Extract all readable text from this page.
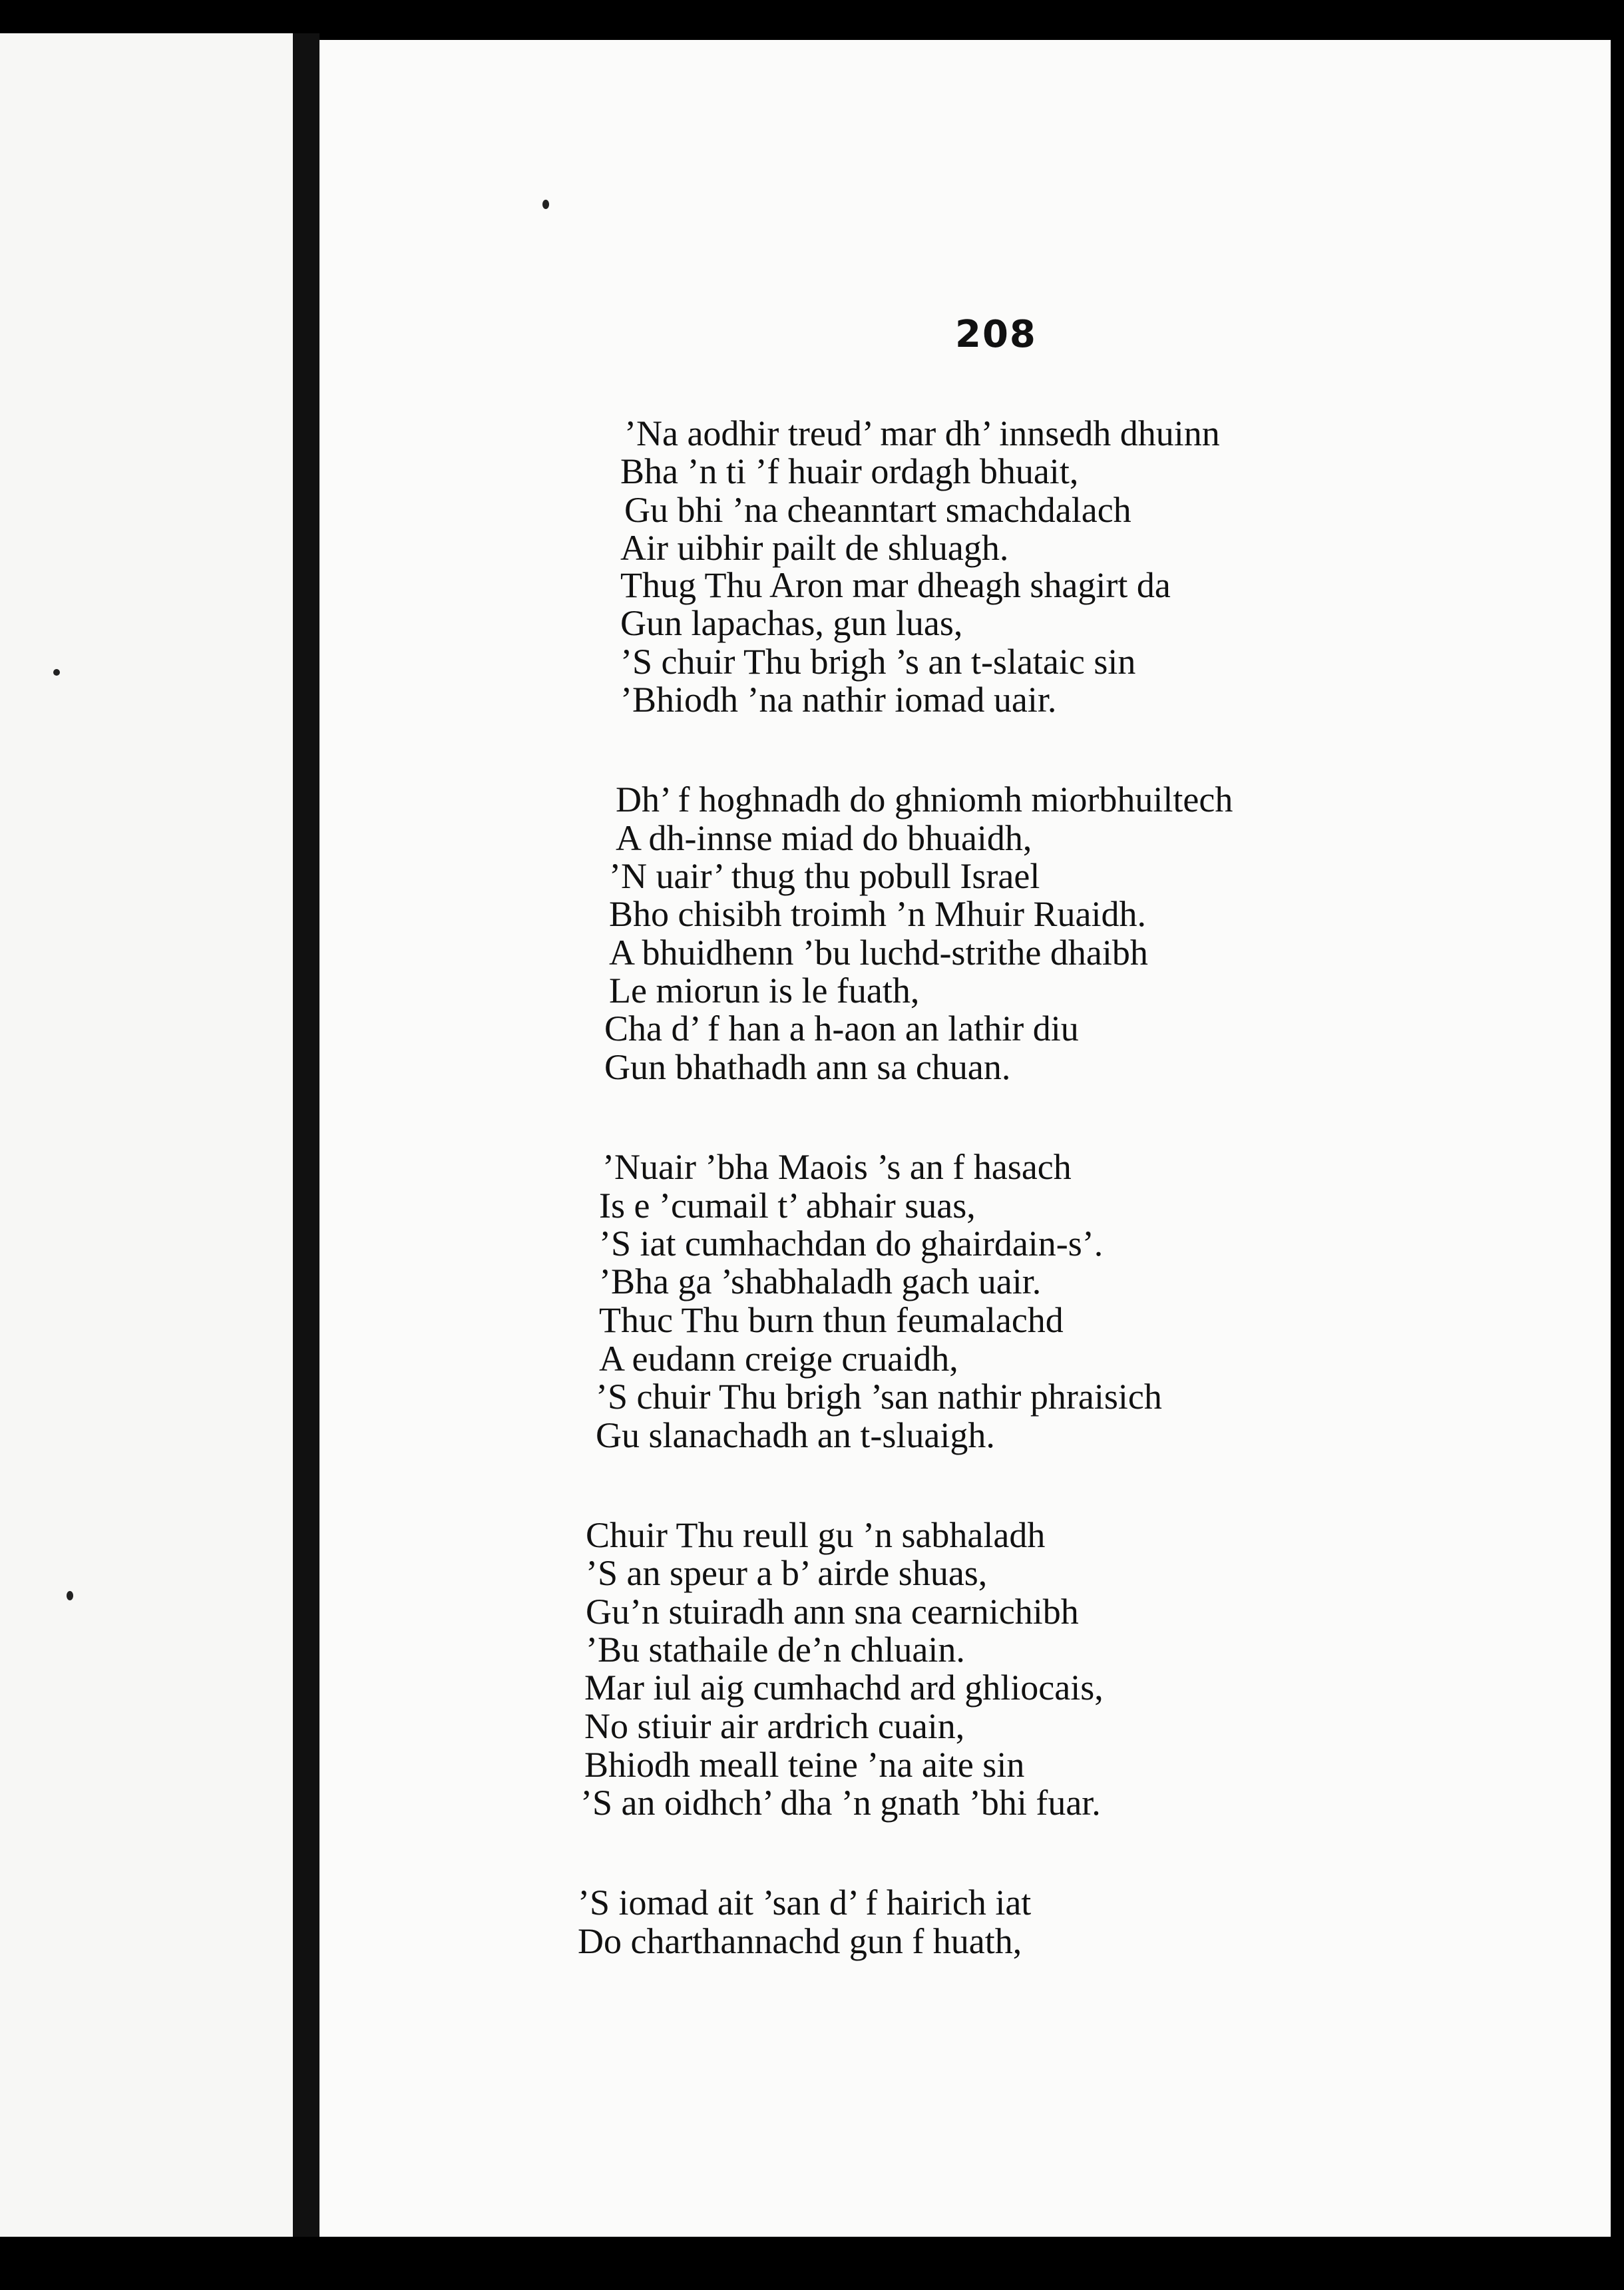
208
’Na aodhir treud’ mar dh’ innsedh dhuinn
Bha ’n ti ’f huair ordagh bhuait,
Gu bhi ’na cheanntart smachdalach
Air uibhir pailt de shluagh.
Thug Thu Aron mar dheagh shagirt da
Gun lapachas, gun luas,
’S chuir Thu brigh ’s an t-slataic sin
’Bhiodh ’na nathir iomad uair.
Dh’ f hoghnadh do ghniomh miorbhuiltech
A dh-innse miad do bhuaidh,
’N uair’ thug thu pobull Israel
Bho chisibh troimh ’n Mhuir Ruaidh.
A bhuidhenn ’bu luchd-strithe dhaibh
Le miorun is le fuath,
Cha d’ f han a h-aon an lathir diu
Gun bhathadh ann sa chuan.
’Nuair ’bha Maois ’s an f hasach
Is e ’cumail t’ abhair suas,
’S iat cumhachdan do ghairdain-s’.
’Bha ga ’shabhaladh gach uair.
Thuc Thu burn thun feumalachd
A eudann creige cruaidh,
’S chuir Thu brigh ’san nathir phraisich
Gu slanachadh an t-sluaigh.
Chuir Thu reull gu ’n sabhaladh
’S an speur a b’ airde shuas,
Gu’n stuiradh ann sna cearnichibh
’Bu stathaile de’n chluain.
Mar iul aig cumhachd ard ghliocais,
No stiuir air ardrich cuain,
Bhiodh meall teine ’na aite sin
’S an oidhch’ dha ’n gnath ’bhi fuar.
’S iomad ait ’san d’ f hairich iat
Do charthannachd gun f huath,
